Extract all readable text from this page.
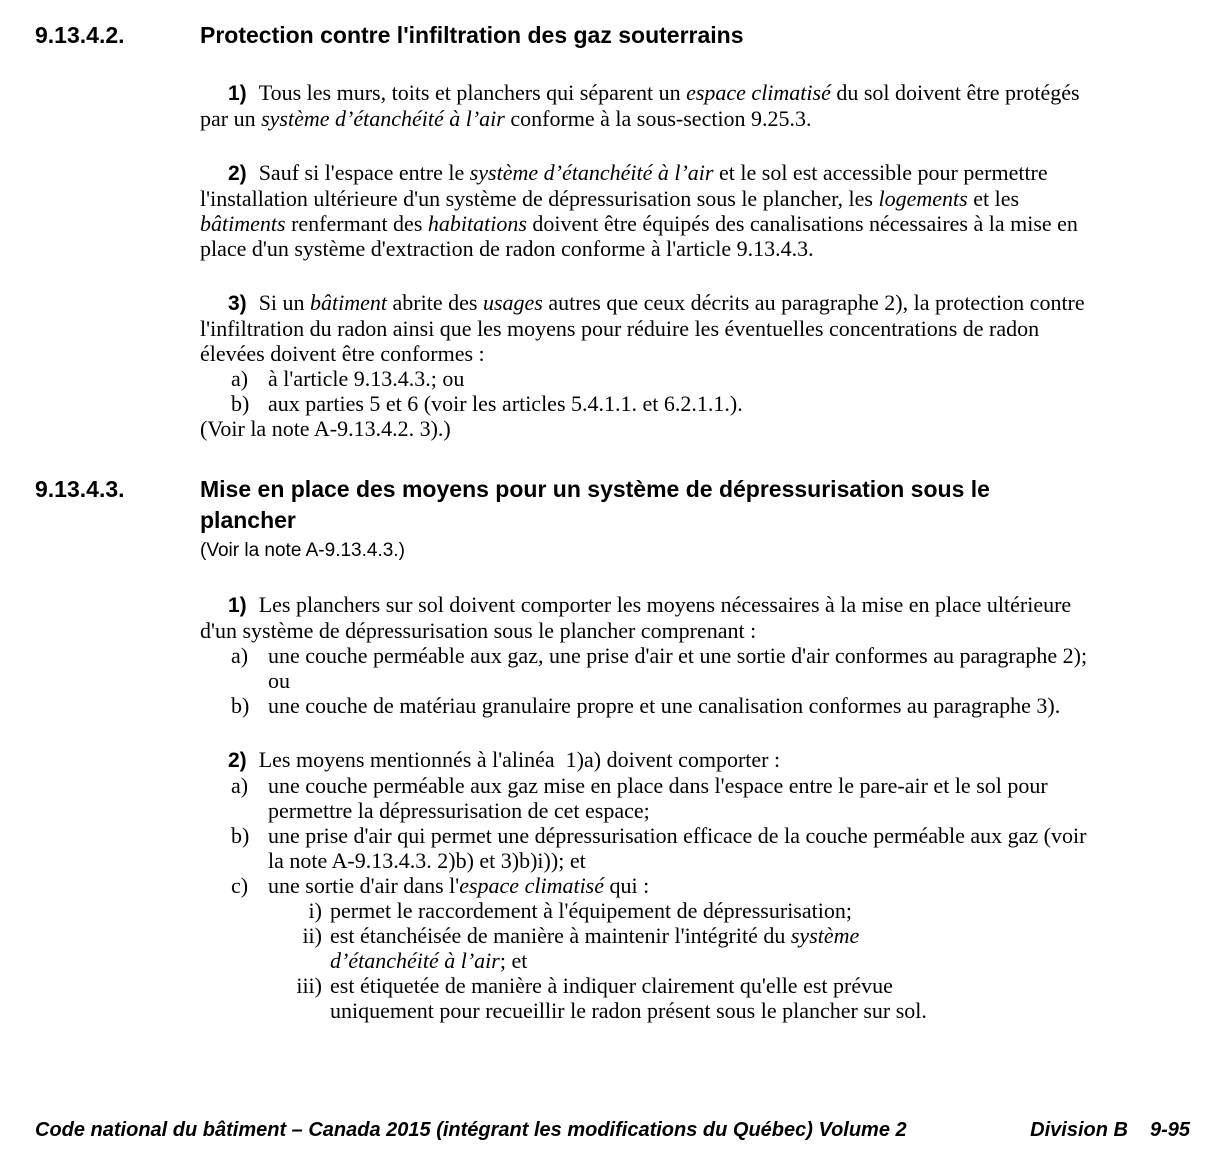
9.13.4.2.	Protection contre l'infiltration des gaz souterrains

1) Tous les murs, toits et planchers qui séparent un espace climatisé du sol doivent être protégés par un système d’étanchéité à l’air conforme à la sous-section 9.25.3.

2) Sauf si l'espace entre le système d’étanchéité à l’air et le sol est accessible pour permettre l'installation ultérieure d'un système de dépressurisation sous le plancher, les logements et les bâtiments renfermant des habitations doivent être équipés des canalisations nécessaires à la mise en place d'un système d'extraction de radon conforme à l'article 9.13.4.3.

3) Si un bâtiment abrite des usages autres que ceux décrits au paragraphe 2), la protection contre l'infiltration du radon ainsi que les moyens pour réduire les éventuelles concentrations de radon élevées doivent être conformes :

a) à l'article 9.13.4.3.; ou
b) aux parties 5 et 6 (voir les articles 5.4.1.1. et 6.2.1.1.).

(Voir la note A-9.13.4.2. 3).)

9.13.4.3.	Mise en place des moyens pour un système de dépressurisation sous le plancher
(Voir la note A-9.13.4.3.)

1) Les planchers sur sol doivent comporter les moyens nécessaires à la mise en place ultérieure d'un système de dépressurisation sous le plancher comprenant :

a) une couche perméable aux gaz, une prise d'air et une sortie d'air conformes au paragraphe 2); ou
b) une couche de matériau granulaire propre et une canalisation conformes au paragraphe 3).

2) Les moyens mentionnés à l'alinéa  1)a) doivent comporter :

a) une couche perméable aux gaz mise en place dans l'espace entre le pare-air et le sol pour permettre la dépressurisation de cet espace;
b) une prise d'air qui permet une dépressurisation efficace de la couche perméable aux gaz (voir la note A-9.13.4.3. 2)b) et 3)b)i)); et
c) une sortie d'air dans l'espace climatisé qui :
i) permet le raccordement à l'équipement de dépressurisation;
ii) est étanchéisée de manière à maintenir l'intégrité du système d’étanchéité à l’air; et
iii) est étiquetée de manière à indiquer clairement qu'elle est prévue uniquement pour recueillir le radon présent sous le plancher sur sol.
Code national du bâtiment – Canada 2015 (intégrant les modifications du Québec) Volume 2	Division B 9-95
